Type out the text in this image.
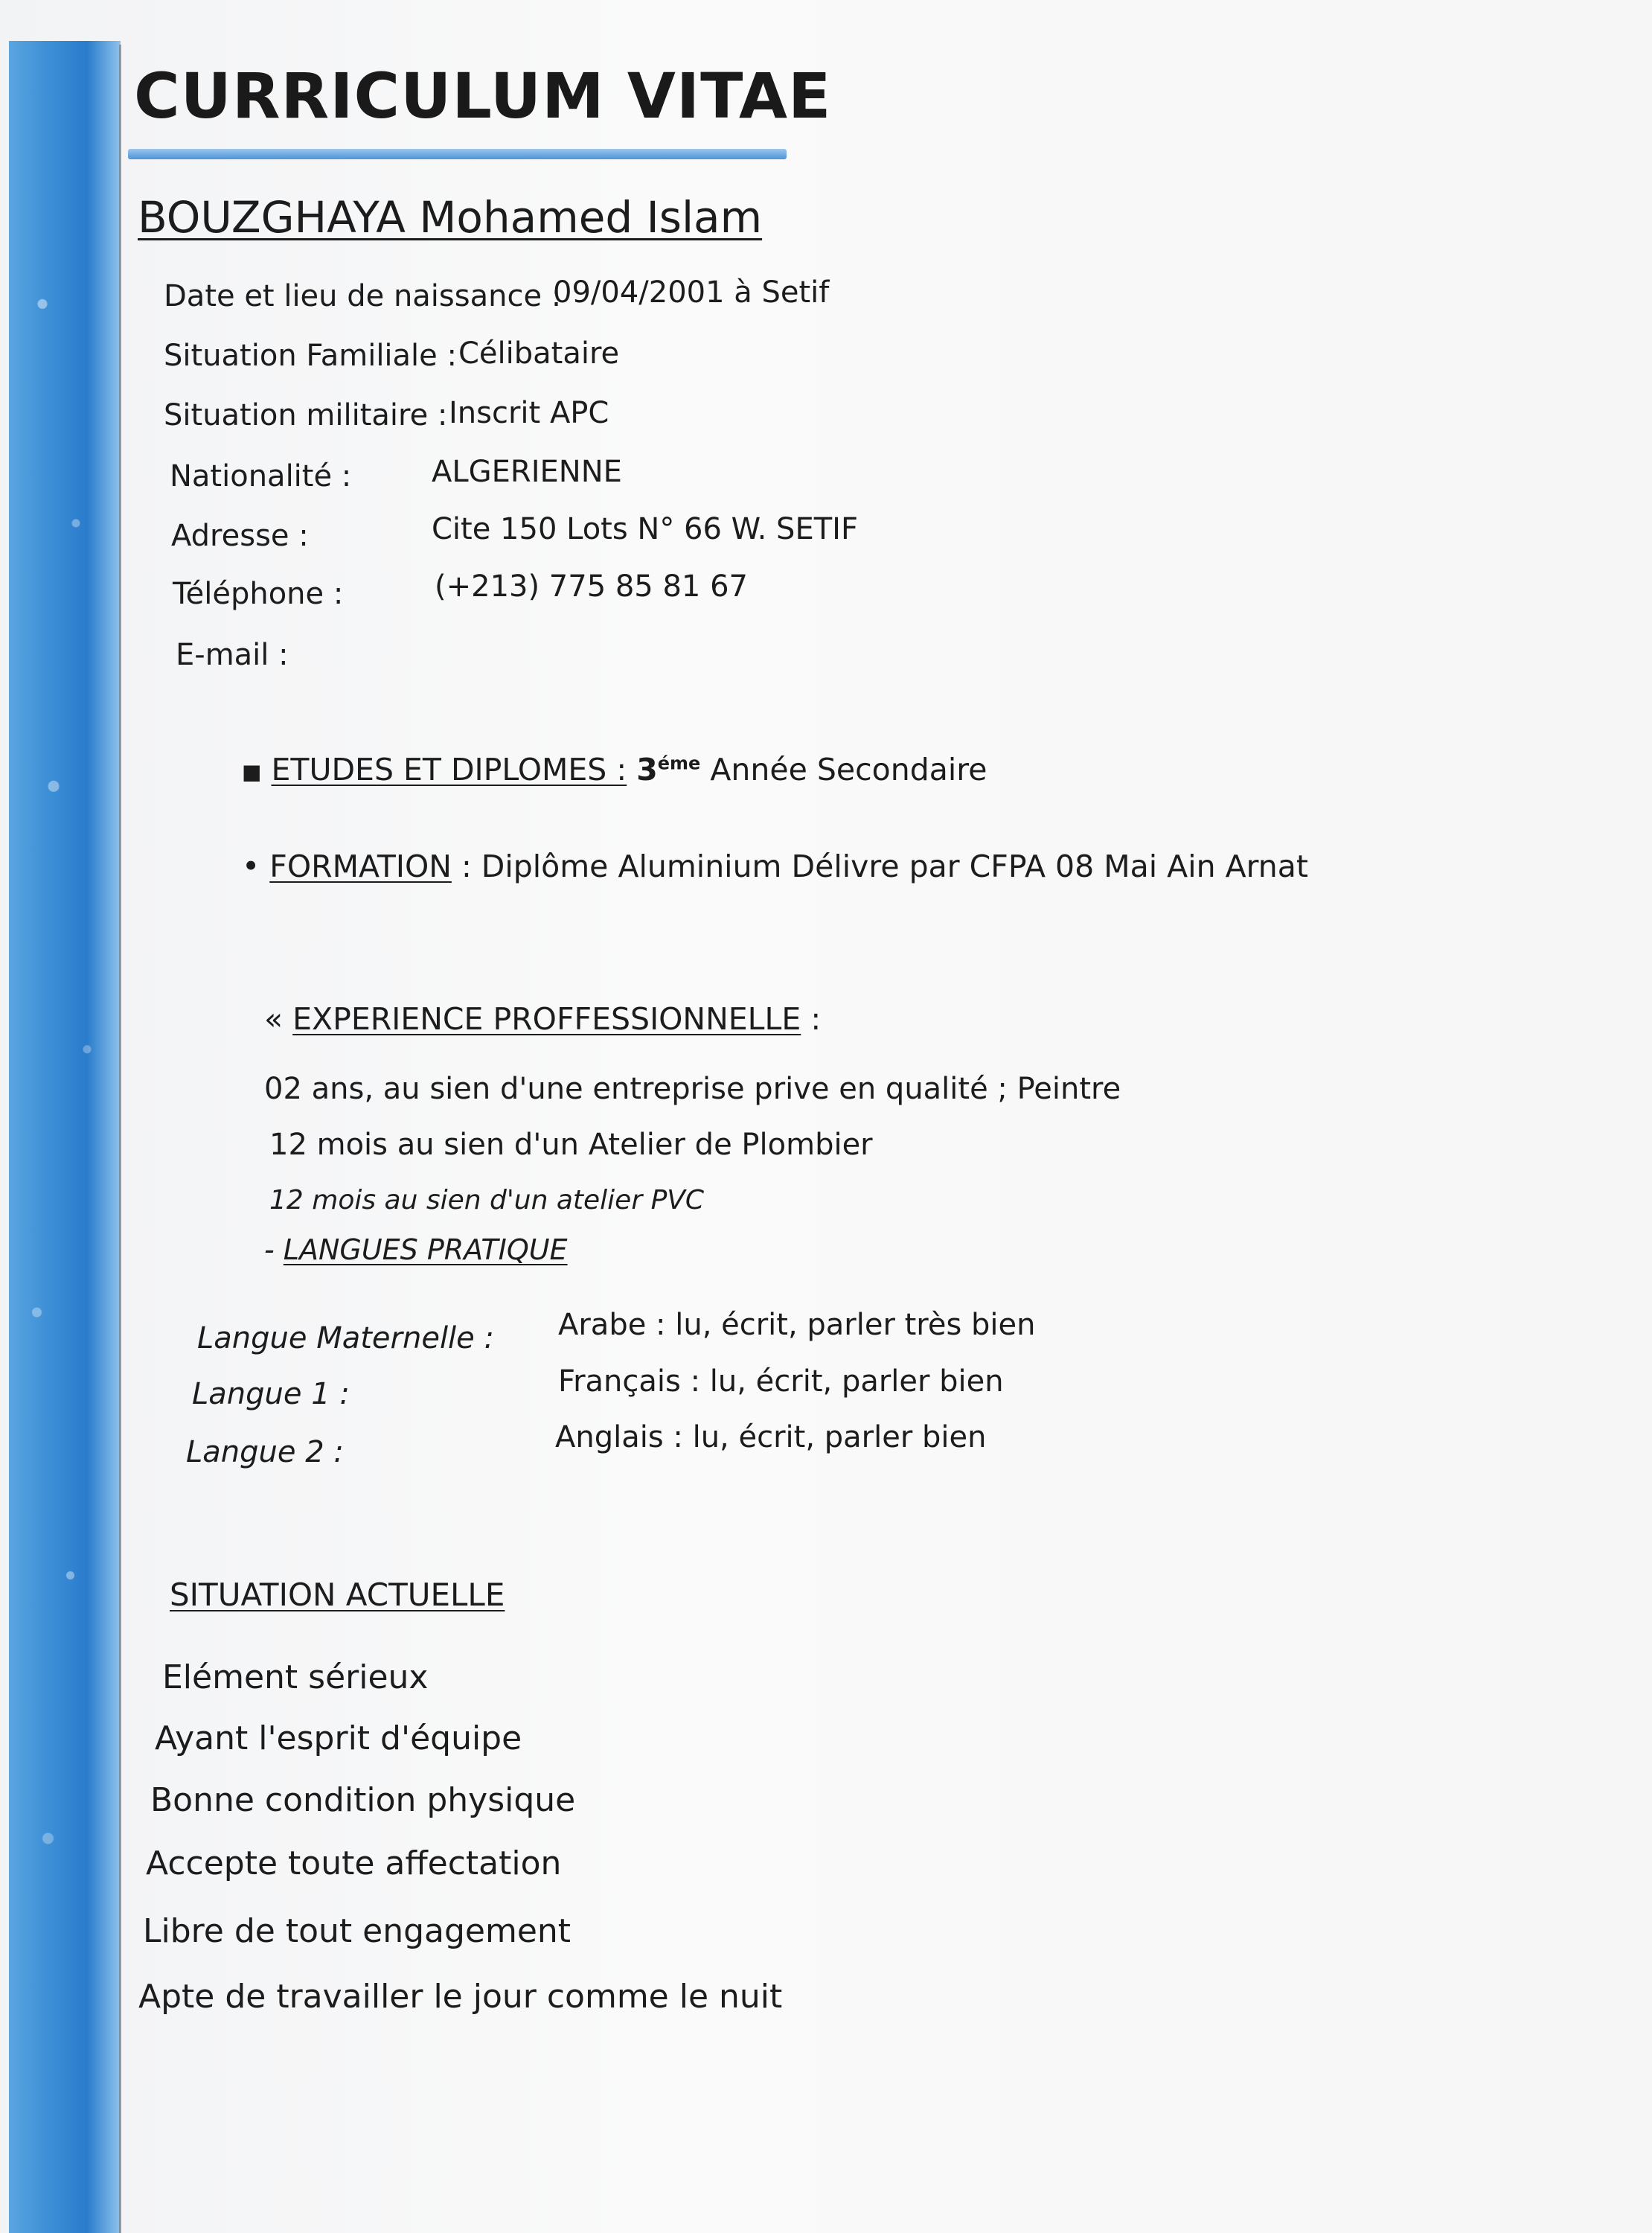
CURRICULUM VITAE
BOUZGHAYA Mohamed Islam
Date et lieu de naissance :
09/04/2001 à Setif
Situation Familiale : Célibataire
Situation militaire : Inscrit APC
Nationalité :	ALGERIENNE
Adresse :	Cite 150 Lots N° 66 W. SETIF
Téléphone :	(+213) 775 85 81 67
E-mail :
■ ETUDES ET DIPLOMES : $3^{éme}$ Année Secondaire
• FORMATION : Diplôme Aluminium Délivre par CFPA 08 Mai Ain Arnat
« EXPERIENCE PROFFESSIONNELLE :
02 ans, au sien d'une entreprise prive en qualité ; Peintre
12 mois au sien d'un Atelier de Plombier
12 mois au sien d'un atelier PVC
- LANGUES PRATIQUE
Langue Maternelle : Arabe : lu, écrit, parler très bien
Langue 1 :	Français : lu, écrit, parler bien
Langue 2 :	Anglais : lu, écrit, parler bien
SITUATION ACTUELLE
Elément sérieux
Ayant l'esprit d'équipe
Bonne condition physique
Accepte toute affectation
Libre de tout engagement
Apte de travailler le jour comme le nuit
